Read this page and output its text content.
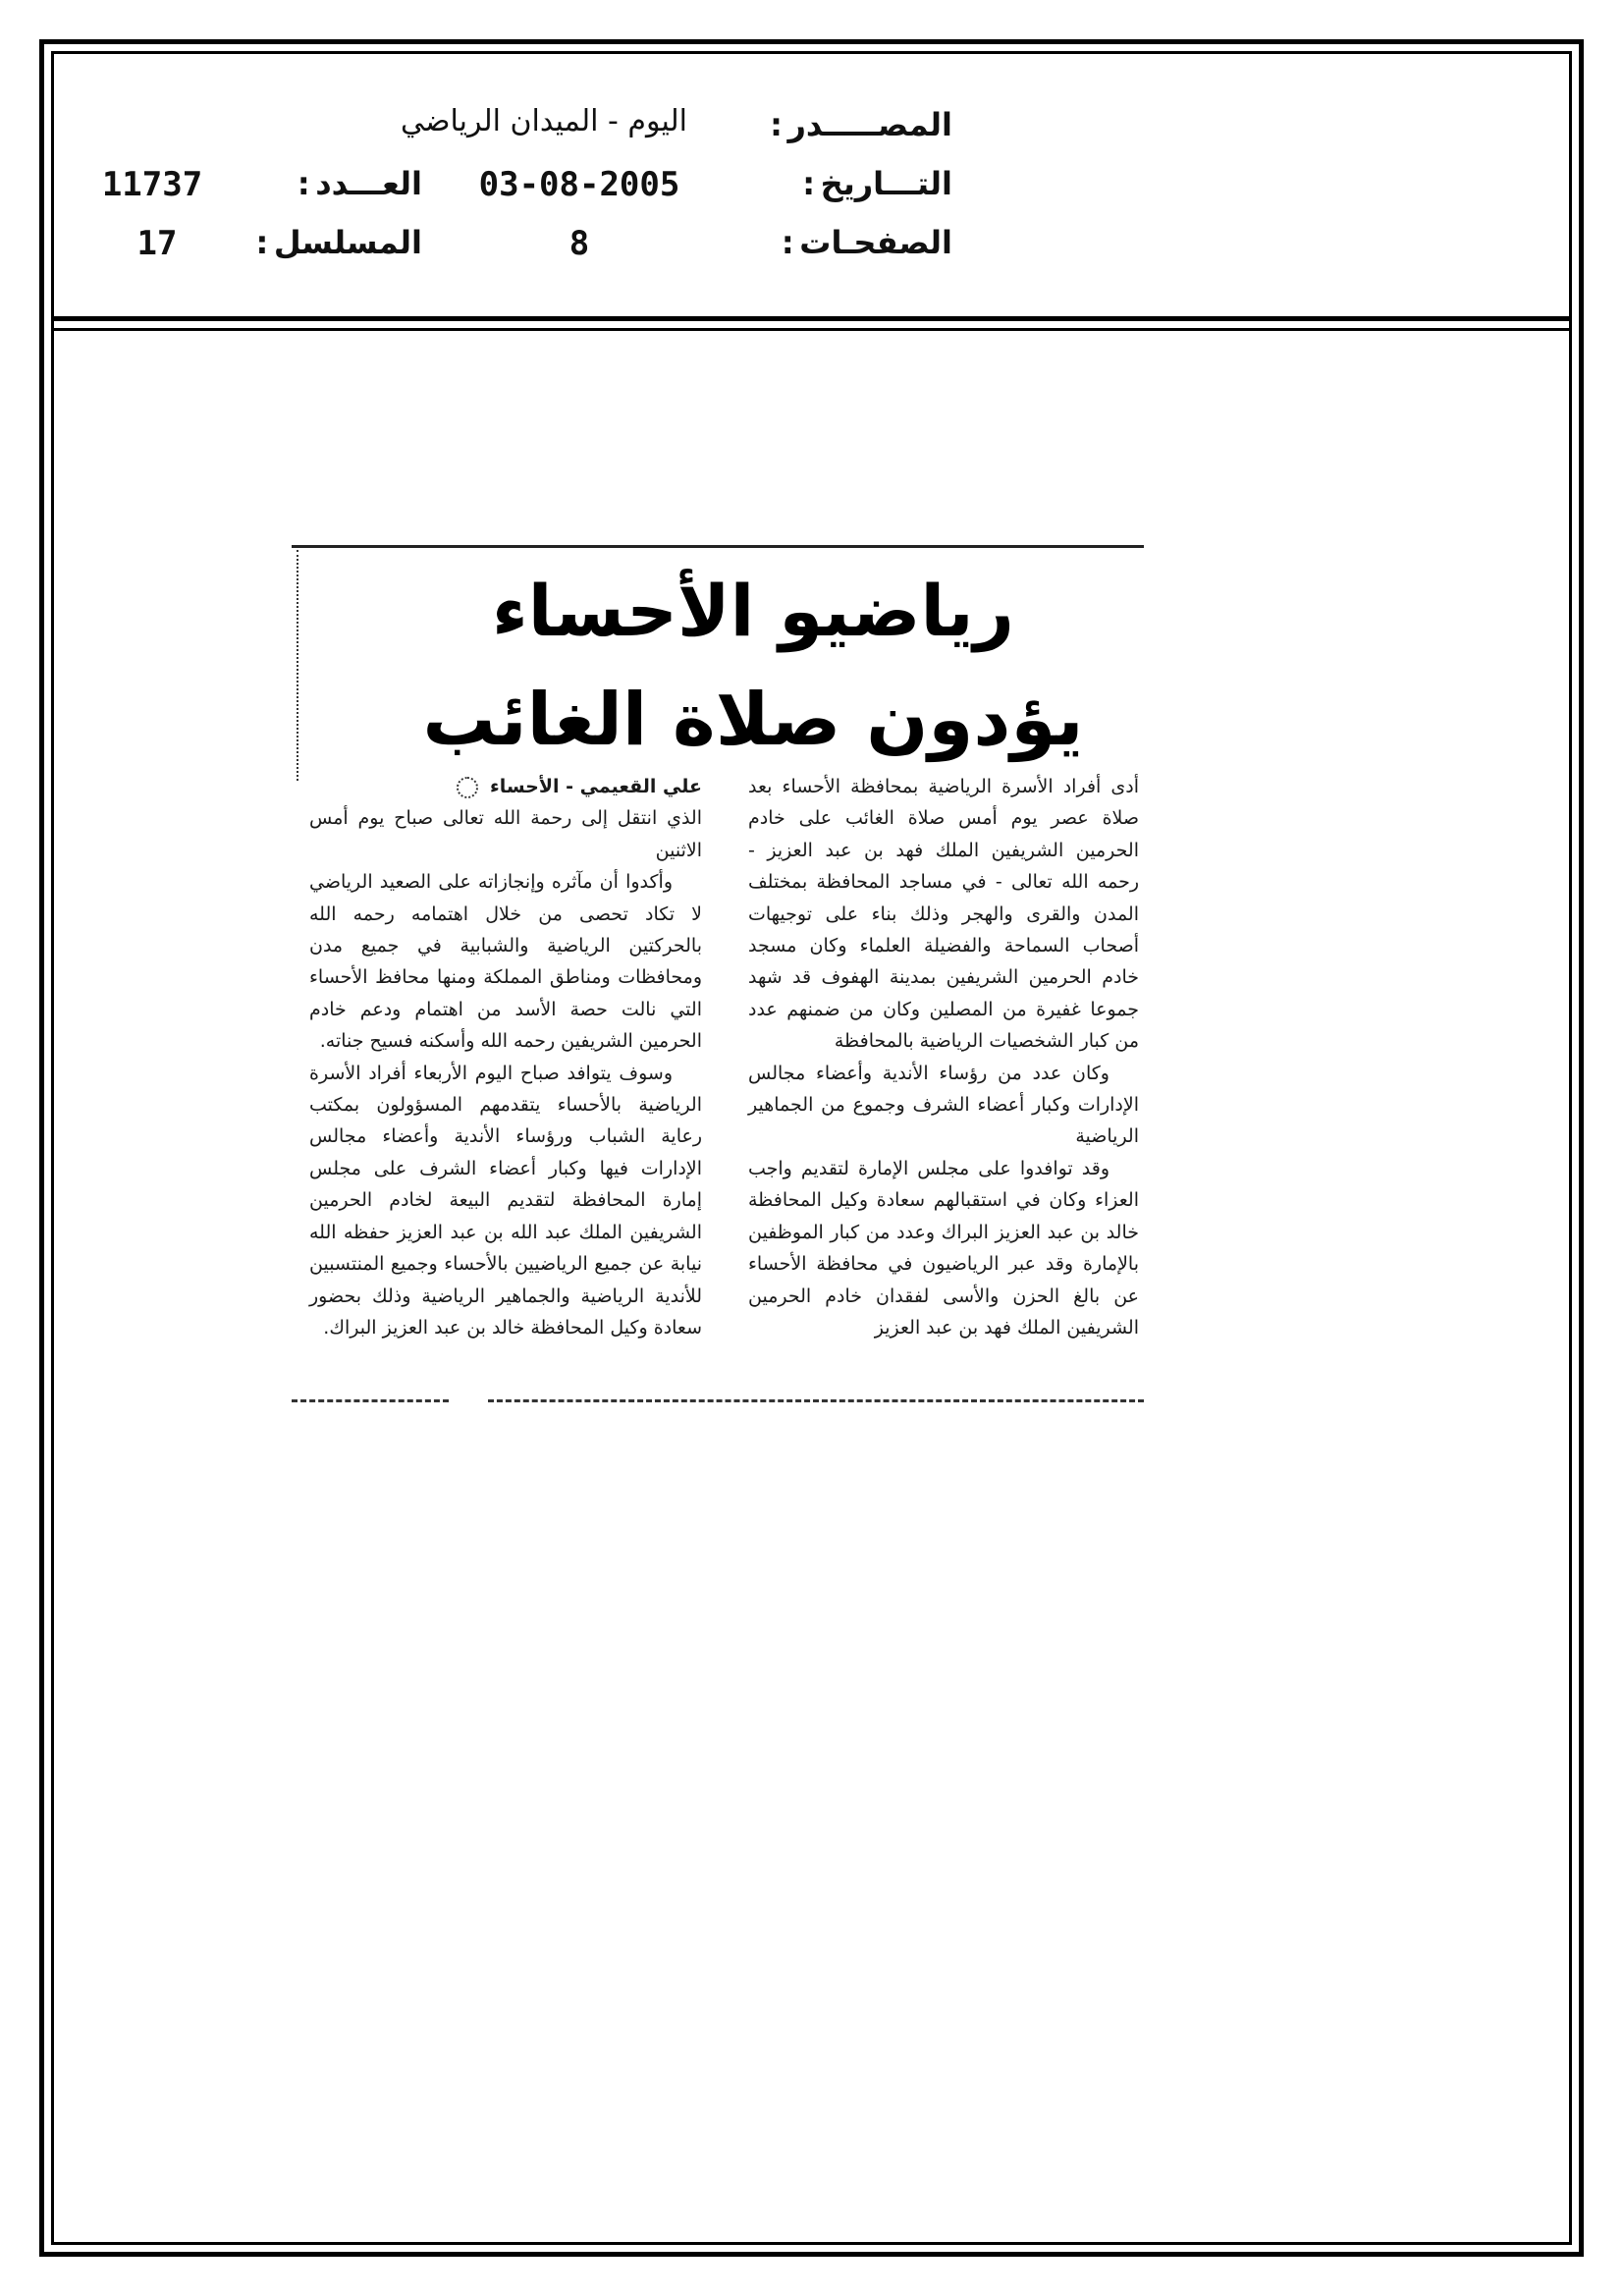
المصـــــدر :
التـــاريخ :
الصفحـات :
اليوم - الميدان الرياضي
03-08-2005
8
العـــدد :
المسلسل :
11737
17
رياضيو الأحساء
يؤدون صلاة الغائب

أدى أفراد الأسرة الرياضية بمحافظة الأحساء بعد صلاة عصر يوم أمس صلاة الغائب على خادم الحرمين الشريفين الملك فهد بن عبد العزيز - رحمه الله تعالى - في مساجد المحافظة بمختلف المدن والقرى والهجر وذلك بناء على توجيهات أصحاب السماحة والفضيلة العلماء وكان مسجد خادم الحرمين الشريفين بمدينة الهفوف قد شهد جموعا غفيرة من المصلين وكان من ضمنهم عدد من كبار الشخصيات الرياضية بالمحافظة

وكان عدد من رؤساء الأندية وأعضاء مجالس الإدارات وكبار أعضاء الشرف وجموع من الجماهير الرياضية

وقد توافدوا على مجلس الإمارة لتقديم واجب العزاء وكان في استقبالهم سعادة وكيل المحافظة خالد بن عبد العزيز البراك وعدد من كبار الموظفين بالإمارة وقد عبر الرياضيون في محافظة الأحساء عن بالغ الحزن والأسى لفقدان خادم الحرمين الشريفين الملك فهد بن عبد العزيز

علي القعيمي - الأحساء

الذي انتقل إلى رحمة الله تعالى صباح يوم أمس الاثنين

وأكدوا أن مآثره وإنجازاته على الصعيد الرياضي لا تكاد تحصى من خلال اهتمامه رحمه الله بالحركتين الرياضية والشبابية في جميع مدن ومحافظات ومناطق المملكة ومنها محافظ الأحساء التي نالت حصة الأسد من اهتمام ودعم خادم الحرمين الشريفين رحمه الله وأسكنه فسيح جناته.

وسوف يتوافد صباح اليوم الأربعاء أفراد الأسرة الرياضية بالأحساء يتقدمهم المسؤولون بمكتب رعاية الشباب ورؤساء الأندية وأعضاء مجالس الإدارات فيها وكبار أعضاء الشرف على مجلس إمارة المحافظة لتقديم البيعة لخادم الحرمين الشريفين الملك عبد الله بن عبد العزيز حفظه الله نيابة عن جميع الرياضيين بالأحساء وجميع المنتسبين للأندية الرياضية والجماهير الرياضية وذلك بحضور سعادة وكيل المحافظة خالد بن عبد العزيز البراك.
